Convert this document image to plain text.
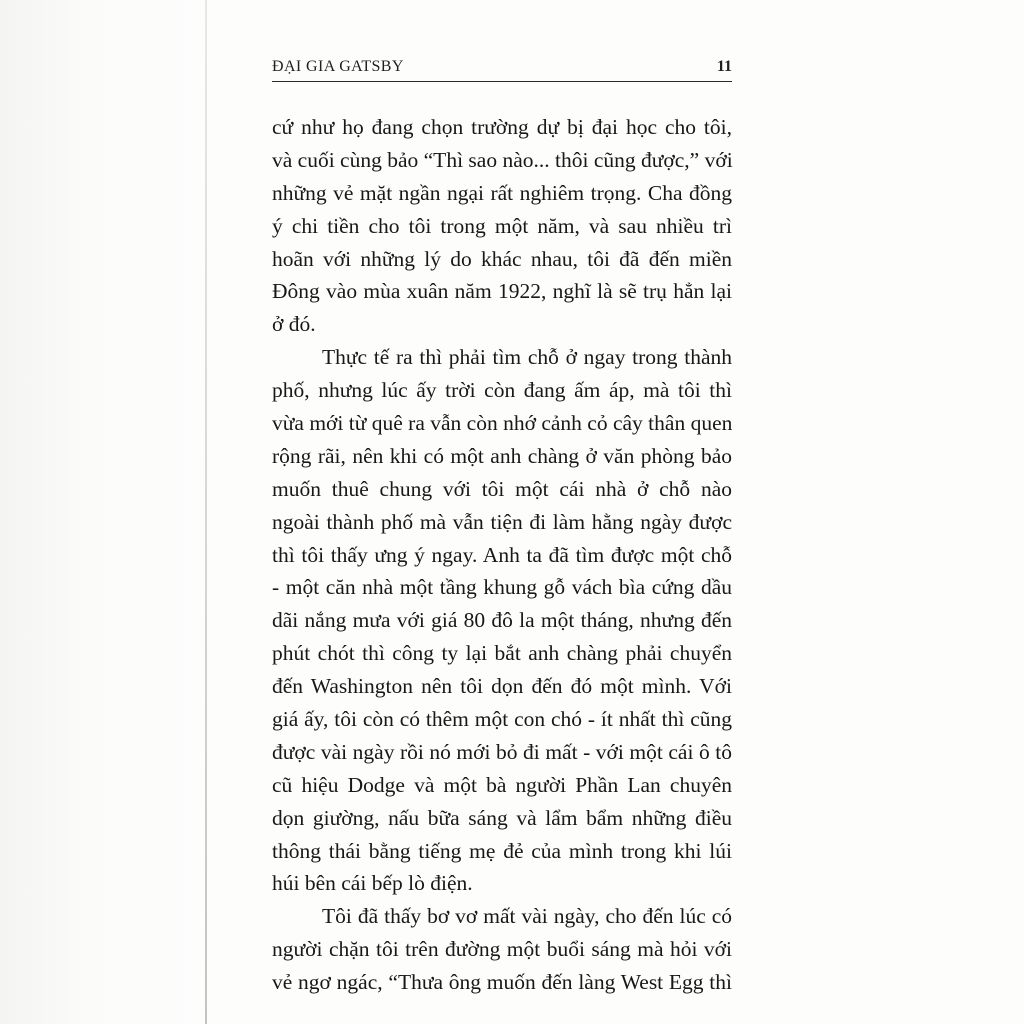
ĐẠI GIA GATSBY	11
cứ như họ đang chọn trường dự bị đại học cho tôi,
và cuối cùng bảo “Thì sao nào... thôi cũng được,” với
những vẻ mặt ngần ngại rất nghiêm trọng. Cha đồng
ý chi tiền cho tôi trong một năm, và sau nhiều trì
hoãn với những lý do khác nhau, tôi đã đến miền
Đông vào mùa xuân năm 1922, nghĩ là sẽ trụ hẳn lại
ở đó.
Thực tế ra thì phải tìm chỗ ở ngay trong thành
phố, nhưng lúc ấy trời còn đang ấm áp, mà tôi thì
vừa mới từ quê ra vẫn còn nhớ cảnh cỏ cây thân quen
rộng rãi, nên khi có một anh chàng ở văn phòng bảo
muốn thuê chung với tôi một cái nhà ở chỗ nào
ngoài thành phố mà vẫn tiện đi làm hằng ngày được
thì tôi thấy ưng ý ngay. Anh ta đã tìm được một chỗ
- một căn nhà một tầng khung gỗ vách bìa cứng dầu
dãi nắng mưa với giá 80 đô la một tháng, nhưng đến
phút chót thì công ty lại bắt anh chàng phải chuyển
đến Washington nên tôi dọn đến đó một mình. Với
giá ấy, tôi còn có thêm một con chó - ít nhất thì cũng
được vài ngày rồi nó mới bỏ đi mất - với một cái ô tô
cũ hiệu Dodge và một bà người Phần Lan chuyên
dọn giường, nấu bữa sáng và lẩm bẩm những điều
thông thái bằng tiếng mẹ đẻ của mình trong khi lúi
húi bên cái bếp lò điện.
Tôi đã thấy bơ vơ mất vài ngày, cho đến lúc có
người chặn tôi trên đường một buổi sáng mà hỏi với
vẻ ngơ ngác, “Thưa ông muốn đến làng West Egg thì
